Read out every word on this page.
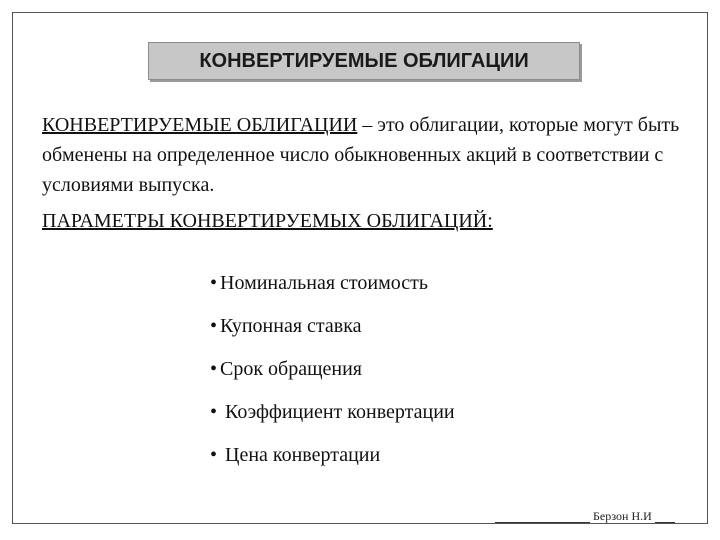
КОНВЕРТИРУЕМЫЕ ОБЛИГАЦИИ

КОНВЕРТИРУЕМЫЕ ОБЛИГАЦИИ – это облигации, которые могут быть обменены на определенное число обыкновенных акций в соответствии с условиями выпуска.

ПАРАМЕТРЫ КОНВЕРТИРУЕМЫХ ОБЛИГАЦИЙ:

• Номинальная стоимость
• Купонная ставка
• Срок обращения
• Коэффициент конвертации
• Цена конвертации
Берзон Н.И
